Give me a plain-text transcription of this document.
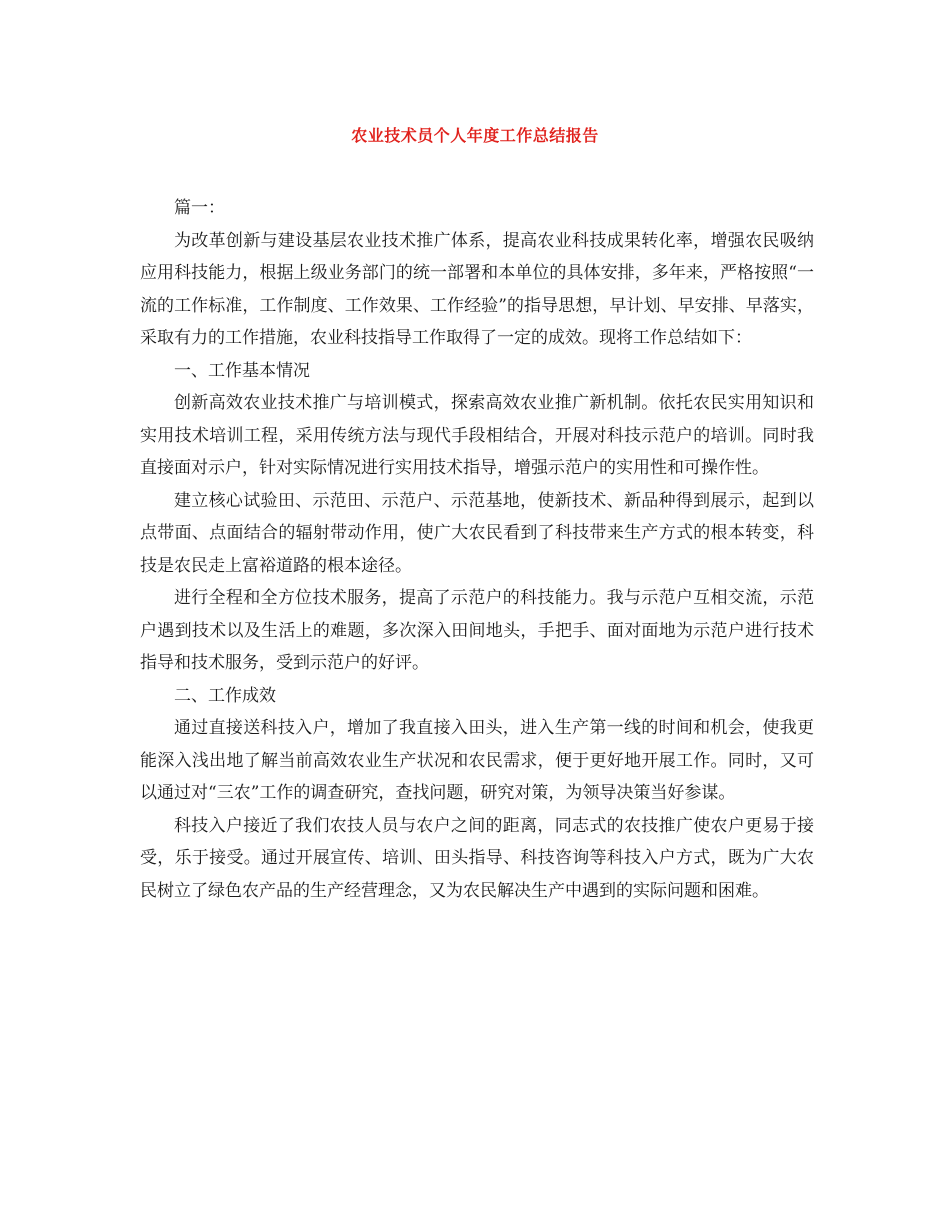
农业技术员个人年度工作总结报告

篇一：

为改革创新与建设基层农业技术推广体系，提高农业科技成果转化率，增强农民吸纳应用科技能力，根据上级业务部门的统一部署和本单位的具体安排，多年来，严格按照“一流的工作标准，工作制度、工作效果、工作经验”的指导思想，早计划、早安排、早落实，采取有力的工作措施，农业科技指导工作取得了一定的成效。现将工作总结如下：

一、工作基本情况

创新高效农业技术推广与培训模式，探索高效农业推广新机制。依托农民实用知识和实用技术培训工程，采用传统方法与现代手段相结合，开展对科技示范户的培训。同时我直接面对示户，针对实际情况进行实用技术指导，增强示范户的实用性和可操作性。

建立核心试验田、示范田、示范户、示范基地，使新技术、新品种得到展示，起到以点带面、点面结合的辐射带动作用，使广大农民看到了科技带来生产方式的根本转变，科技是农民走上富裕道路的根本途径。

进行全程和全方位技术服务，提高了示范户的科技能力。我与示范户互相交流，示范户遇到技术以及生活上的难题，多次深入田间地头，手把手、面对面地为示范户进行技术指导和技术服务，受到示范户的好评。

二、工作成效

通过直接送科技入户，增加了我直接入田头，进入生产第一线的时间和机会，使我更能深入浅出地了解当前高效农业生产状况和农民需求，便于更好地开展工作。同时，又可以通过对“三农”工作的调查研究，查找问题，研究对策，为领导决策当好参谋。

科技入户接近了我们农技人员与农户之间的距离，同志式的农技推广使农户更易于接受，乐于接受。通过开展宣传、培训、田头指导、科技咨询等科技入户方式，既为广大农民树立了绿色农产品的生产经营理念，又为农民解决生产中遇到的实际问题和困难。
